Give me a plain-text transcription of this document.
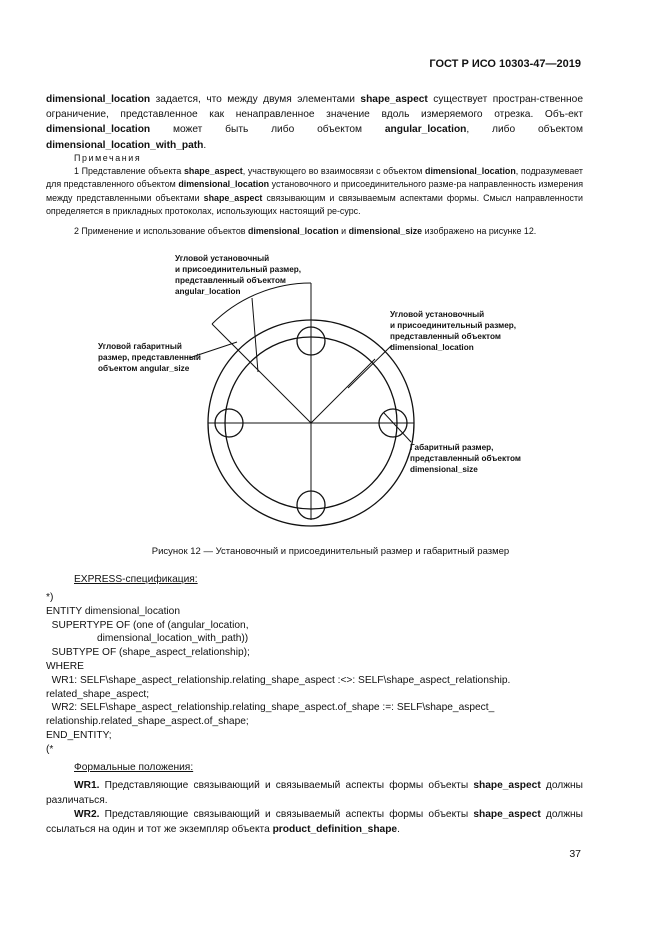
ГОСТ Р ИСО 10303-47—2019
dimensional_location задается, что между двумя элементами shape_aspect существует простран-ственное ограничение, представленное как ненаправленное значение вдоль измеряемого отрезка. Объ-ект dimensional_location может быть либо объектом angular_location, либо объектом dimensional_location_with_path.
Примечания
1 Представление объекта shape_aspect, участвующего во взаимосвязи с объектом dimensional_location, подразумевает для представленного объектом dimensional_location установочного и присоединительного разме-ра направленность измерения между представленными объектами shape_aspect связывающим и связываемым аспектами формы. Смысл направленности определяется в прикладных протоколах, использующих настоящий ре-сурс.
2 Применение и использование объектов dimensional_location и dimensional_size изображено на рисунке 12.
Угловой установочный
и присоединительный размер,
представленный объектом
angular_location
Угловой габаритный
размер, представленный
объектом angular_size
Угловой установочный
и присоединительный размер,
представленный объектом
dimensional_location
Габаритный размер,
представленный объектом
dimensional_size
Рисунок 12 — Установочный и присоединительный размер и габаритный размер
EXPRESS-спецификация:
*)
ENTITY dimensional_location
SUPERTYPE OF (one of (angular_location,
dimensional_location_with_path))
SUBTYPE OF (shape_aspect_relationship);
WHERE
WR1: SELF\shape_aspect_relationship.relating_shape_aspect :<>: SELF\shape_aspect_relationship.
related_shape_aspect;
WR2: SELF\shape_aspect_relationship.relating_shape_aspect.of_shape :=: SELF\shape_aspect_
relationship.related_shape_aspect.of_shape;
END_ENTITY;
(*
Формальные положения:
WR1. Представляющие связывающий и связываемый аспекты формы объекты shape_aspect должны различаться.
WR2. Представляющие связывающий и связываемый аспекты формы объекты shape_aspect должны ссылаться на один и тот же экземпляр объекта product_definition_shape.
37
